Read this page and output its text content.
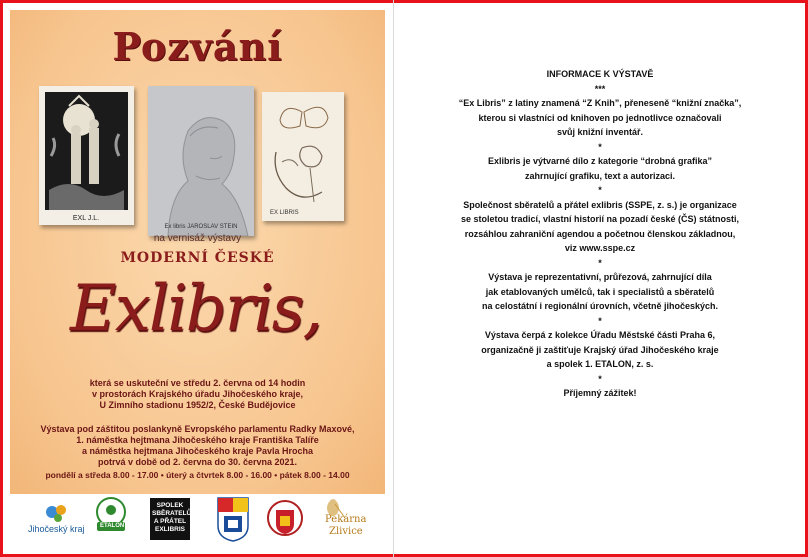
Pozvání
EXL J.L.
Ex libris JAROSLAV STEIN
EX LIBRIS
na vernisáž výstavy
MODERNÍ ČESKÉ
Exlibris,
která se uskuteční ve středu 2. června od 14 hodin
v prostorách Krajského úřadu Jihočeského kraje,
U Zimního stadionu 1952/2, České Budějovice
Výstava pod záštitou poslankyně Evropského parlamentu Radky Maxové,
1. náměstka hejtmana Jihočeského kraje Františka Talíře
a náměstka hejtmana Jihočeského kraje Pavla Hrocha
potrvá v době od 2. června do 30. června 2021.
pondělí a středa 8.00 - 17.00 • úterý a čtvrtek 8.00 - 16.00 • pátek 8.00 - 14.00
Jihočeský kraj	ETALON
SPOLEK SBĚRATELŮ A PŘÁTEL EXLIBRIS
Pekárna
Zlivice
INFORMACE K VÝSTAVĚ
***
“Ex Libris” z latiny znamená “Z Knih”, přeneseně “knižní značka”,
kterou si vlastníci od knihoven po jednotlivce označovali
svůj knižní inventář.
*
Exlibris je výtvarné dílo z kategorie “drobná grafika”
zahrnující grafiku, text a autorizaci.
*
Společnost sběratelů a přátel exlibris (SSPE, z. s.) je organizace
se stoletou tradicí, vlastní historií na pozadí české (ČS) státnosti,
rozsáhlou zahraniční agendou a početnou členskou základnou,
viz www.sspe.cz
*
Výstava je reprezentativní, průřezová, zahrnující díla
jak etablovaných umělců, tak i specialistů a sběratelů
na celostátní i regionální úrovních, včetně jihočeských.
*
Výstava čerpá z kolekce Úřadu Městské části Praha 6,
organizačně ji zaštiťuje Krajský úřad Jihočeského kraje
a spolek 1. ETALON, z. s.
*
Příjemný zážitek!
